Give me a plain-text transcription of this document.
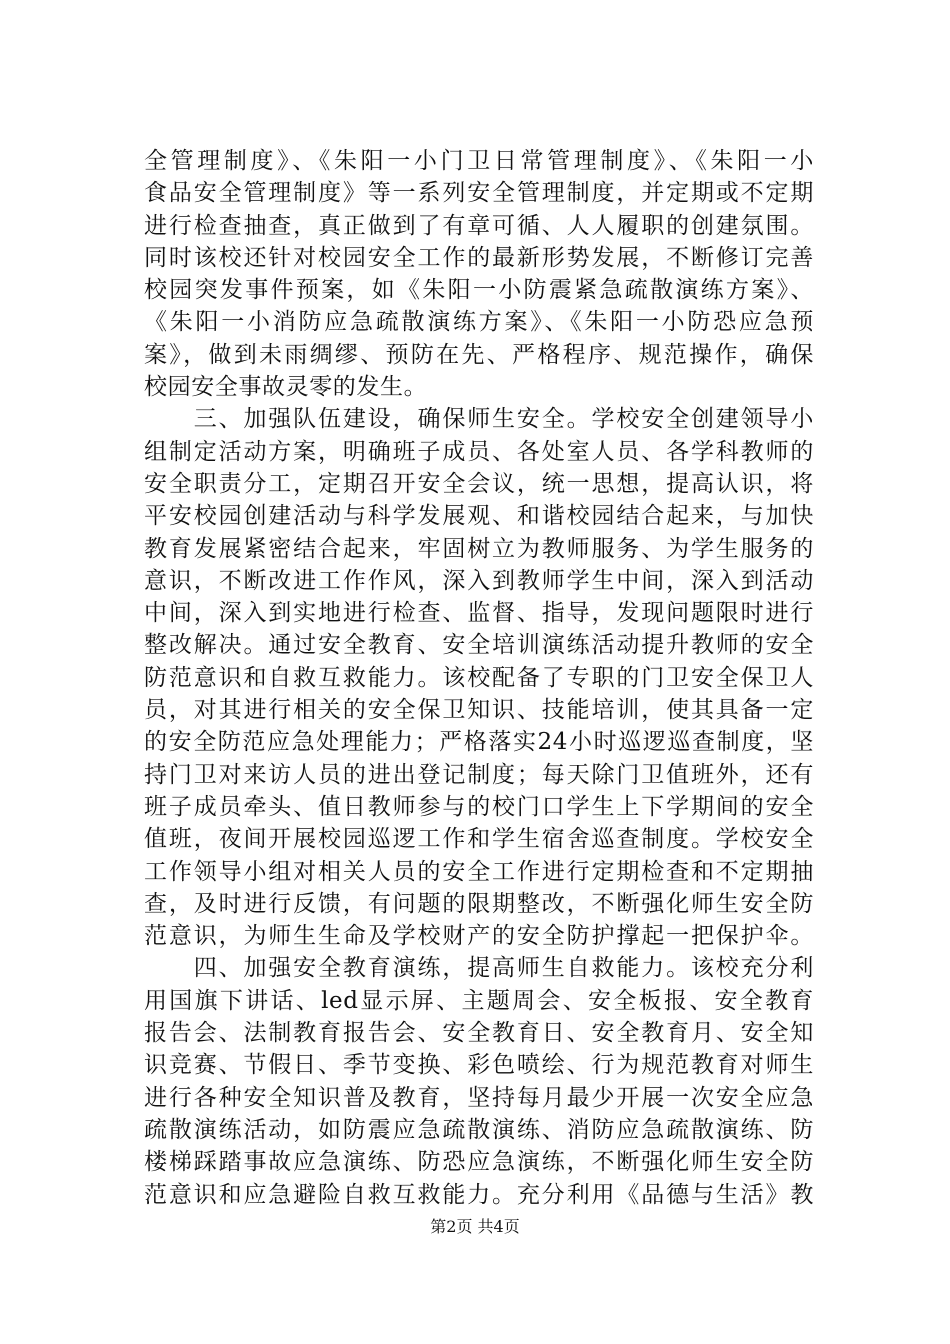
全管理制度》、《朱阳一小门卫日常管理制度》、《朱阳一小
食品安全管理制度》等一系列安全管理制度，并定期或不定期
进行检查抽查，真正做到了有章可循、人人履职的创建氛围。
同时该校还针对校园安全工作的最新形势发展，不断修订完善
校园突发事件预案，如《朱阳一小防震紧急疏散演练方案》、
《朱阳一小消防应急疏散演练方案》、《朱阳一小防恐应急预
案》，做到未雨绸缪、预防在先、严格程序、规范操作，确保
校园安全事故灵零的发生。
　　三、加强队伍建设，确保师生安全。学校安全创建领导小
组制定活动方案，明确班子成员、各处室人员、各学科教师的
安全职责分工，定期召开安全会议，统一思想，提高认识，将
平安校园创建活动与科学发展观、和谐校园结合起来，与加快
教育发展紧密结合起来，牢固树立为教师服务、为学生服务的
意识，不断改进工作作风，深入到教师学生中间，深入到活动
中间，深入到实地进行检查、监督、指导，发现问题限时进行
整改解决。通过安全教育、安全培训演练活动提升教师的安全
防范意识和自救互救能力。该校配备了专职的门卫安全保卫人
员，对其进行相关的安全保卫知识、技能培训，使其具备一定
的安全防范应急处理能力；严格落实24小时巡逻巡查制度，坚
持门卫对来访人员的进出登记制度；每天除门卫值班外，还有
班子成员牵头、值日教师参与的校门口学生上下学期间的安全
值班，夜间开展校园巡逻工作和学生宿舍巡查制度。学校安全
工作领导小组对相关人员的安全工作进行定期检查和不定期抽
查，及时进行反馈，有问题的限期整改，不断强化师生安全防
范意识，为师生生命及学校财产的安全防护撑起一把保护伞。
　　四、加强安全教育演练，提高师生自救能力。该校充分利
用国旗下讲话、led显示屏、主题周会、安全板报、安全教育
报告会、法制教育报告会、安全教育日、安全教育月、安全知
识竞赛、节假日、季节变换、彩色喷绘、行为规范教育对师生
进行各种安全知识普及教育，坚持每月最少开展一次安全应急
疏散演练活动，如防震应急疏散演练、消防应急疏散演练、防
楼梯踩踏事故应急演练、防恐应急演练，不断强化师生安全防
范意识和应急避险自救互救能力。充分利用《品德与生活》教
第2页 共4页
